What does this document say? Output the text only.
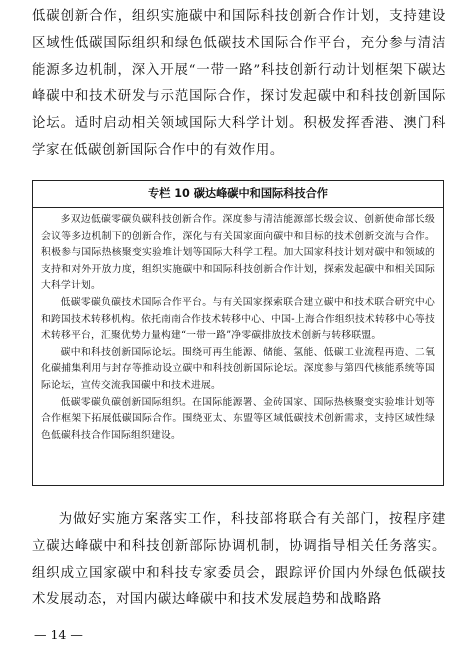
低碳创新合作，组织实施碳中和国际科技创新合作计划，支持建设区域性低碳国际组织和绿色低碳技术国际合作平台，充分参与清洁能源多边机制，深入开展“一带一路”科技创新行动计划框架下碳达峰碳中和技术研发与示范国际合作，探讨发起碳中和科技创新国际论坛。适时启动相关领域国际大科学计划。积极发挥香港、澳门科学家在低碳创新国际合作中的有效作用。

专栏 10 碳达峰碳中和国际科技合作

多双边低碳零碳负碳科技创新合作。深度参与清洁能源部长级会议、创新使命部长级会议等多边机制下的创新合作，深化与有关国家面向碳中和目标的技术创新交流与合作。积极参与国际热核聚变实验堆计划等国际大科学工程。加大国家科技计划对碳中和领域的支持和对外开放力度，组织实施碳中和国际科技创新合作计划，探索发起碳中和相关国际大科学计划。

低碳零碳负碳技术国际合作平台。与有关国家探索联合建立碳中和技术联合研究中心和跨国技术转移机构。依托南南合作技术转移中心、中国-上海合作组织技术转移中心等技术转移平台，汇聚优势力量构建“一带一路”净零碳排放技术创新与转移联盟。

碳中和科技创新国际论坛。围绕可再生能源、储能、氢能、低碳工业流程再造、二氧化碳捕集利用与封存等推动设立碳中和科技创新国际论坛。深度参与第四代核能系统等国际论坛，宣传交流我国碳中和技术进展。

低碳零碳负碳创新国际组织。在国际能源署、金砖国家、国际热核聚变实验堆计划等合作框架下拓展低碳国际合作。围绕亚太、东盟等区域低碳技术创新需求，支持区域性绿色低碳科技合作国际组织建设。

为做好实施方案落实工作，科技部将联合有关部门，按程序建立碳达峰碳中和科技创新部际协调机制，协调指导相关任务落实。组织成立国家碳中和科技专家委员会，跟踪评价国内外绿色低碳技术发展动态，对国内碳达峰碳中和技术发展趋势和战略路

— 14 —
